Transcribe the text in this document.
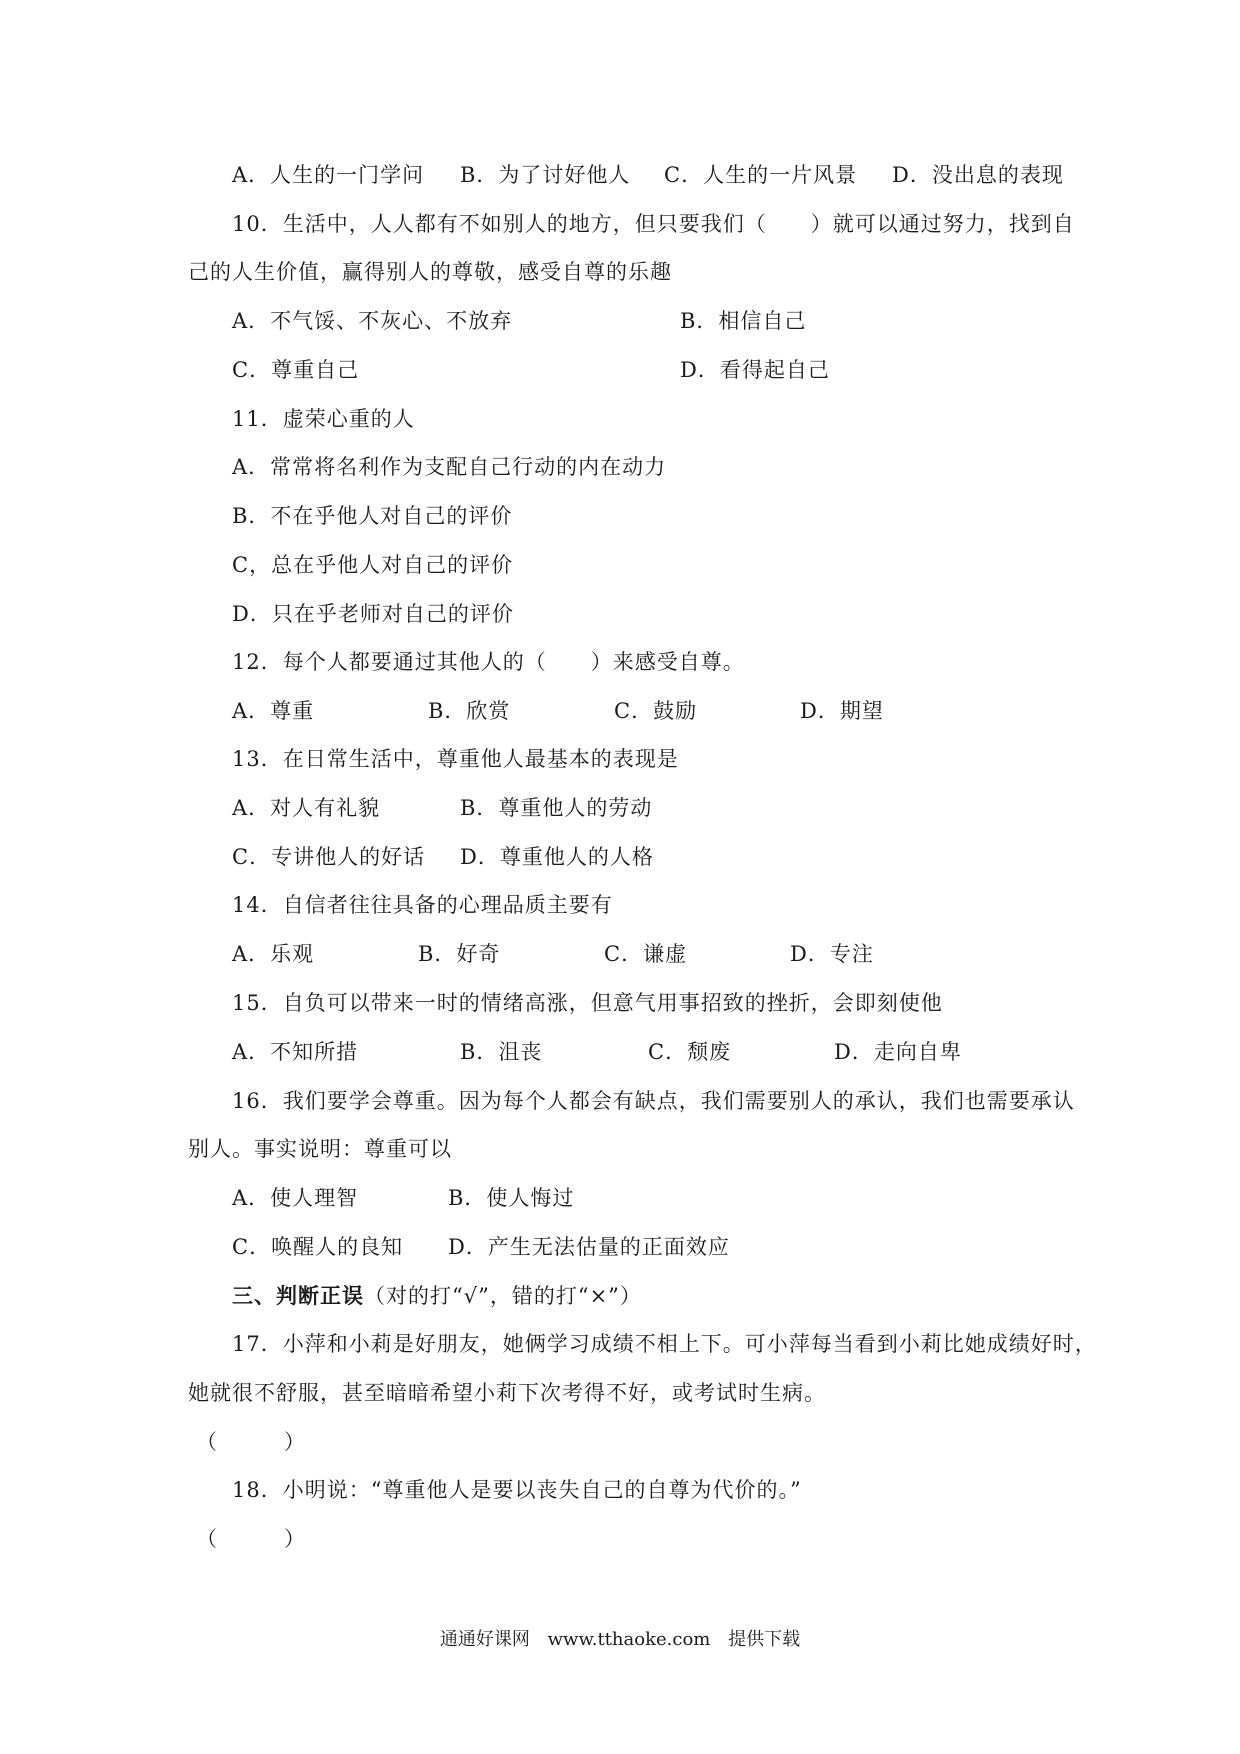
A．人生的一门学问 B．为了讨好他人 C．人生的一片风景 D．没出息的表现
10．生活中，人人都有不如别人的地方，但只要我们（　　）就可以通过努力，找到自
己的人生价值，赢得别人的尊敬，感受自尊的乐趣
A．不气馁、不灰心、不放弃	B．相信自己
C．尊重自己	D．看得起自己
11．虚荣心重的人
A．常常将名利作为支配自己行动的内在动力
B．不在乎他人对自己的评价
C，总在乎他人对自己的评价
D．只在乎老师对自己的评价
12．每个人都要通过其他人的（　　）来感受自尊。
A．尊重	B．欣赏	C．鼓励	D．期望
13．在日常生活中，尊重他人最基本的表现是
A．对人有礼貌	B．尊重他人的劳动
C．专讲他人的好话 D．尊重他人的人格
14．自信者往往具备的心理品质主要有
A．乐观	B．好奇	C．谦虚	D．专注
15．自负可以带来一时的情绪高涨，但意气用事招致的挫折，会即刻使他
A．不知所措	B．沮丧	C．颓废	D．走向自卑
16．我们要学会尊重。因为每个人都会有缺点，我们需要别人的承认，我们也需要承认
别人。事实说明：尊重可以
A．使人理智	B．使人悔过
C．唤醒人的良知 D．产生无法估量的正面效应
三、判断正误（对的打“√”，错的打“×”）
17．小萍和小莉是好朋友，她俩学习成绩不相上下。可小萍每当看到小莉比她成绩好时，
她就很不舒服，甚至暗暗希望小莉下次考得不好，或考试时生病。
（　　　）
18．小明说：“尊重他人是要以丧失自己的自尊为代价的。”
（　　　）
通通好课网 www.tthaoke.com 提供下载
